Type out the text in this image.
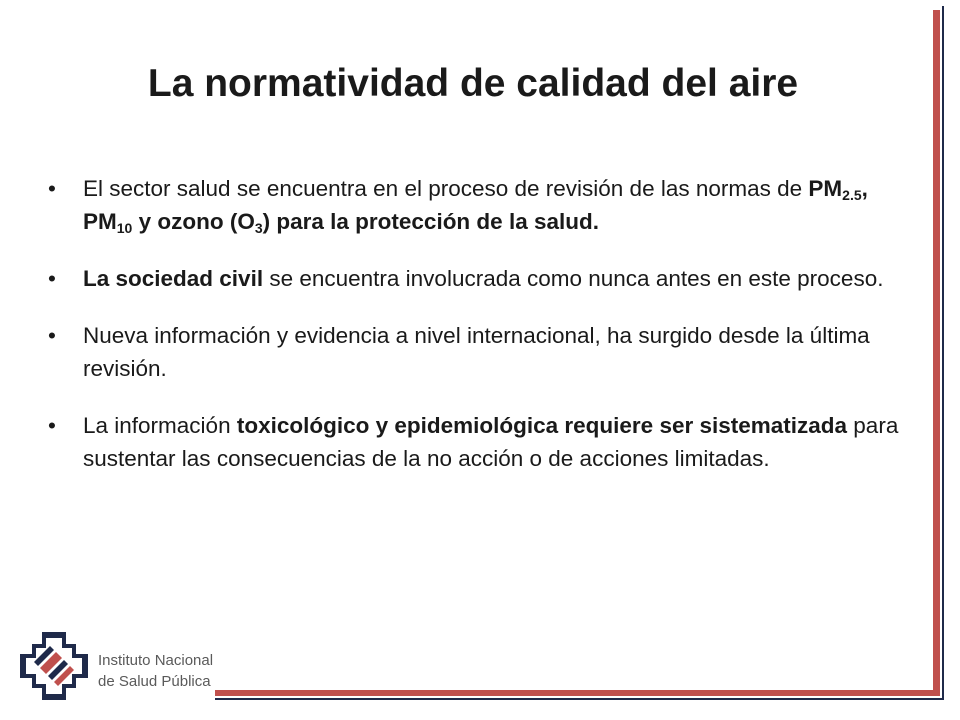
La normatividad de calidad del aire
• El sector salud se encuentra en el proceso de revisión de las normas de $PM_{2.5}$, $PM_{10}$ y ozono $(O_3)$ para la protección de la salud.
• La sociedad civil se encuentra involucrada como nunca antes en este proceso.
• Nueva información y evidencia a nivel internacional, ha surgido desde la última revisión.
• La información toxicológico y epidemiológica requiere ser sistematizada para sustentar las consecuencias de la no acción o de acciones limitadas.
Instituto Nacional
de Salud Pública
